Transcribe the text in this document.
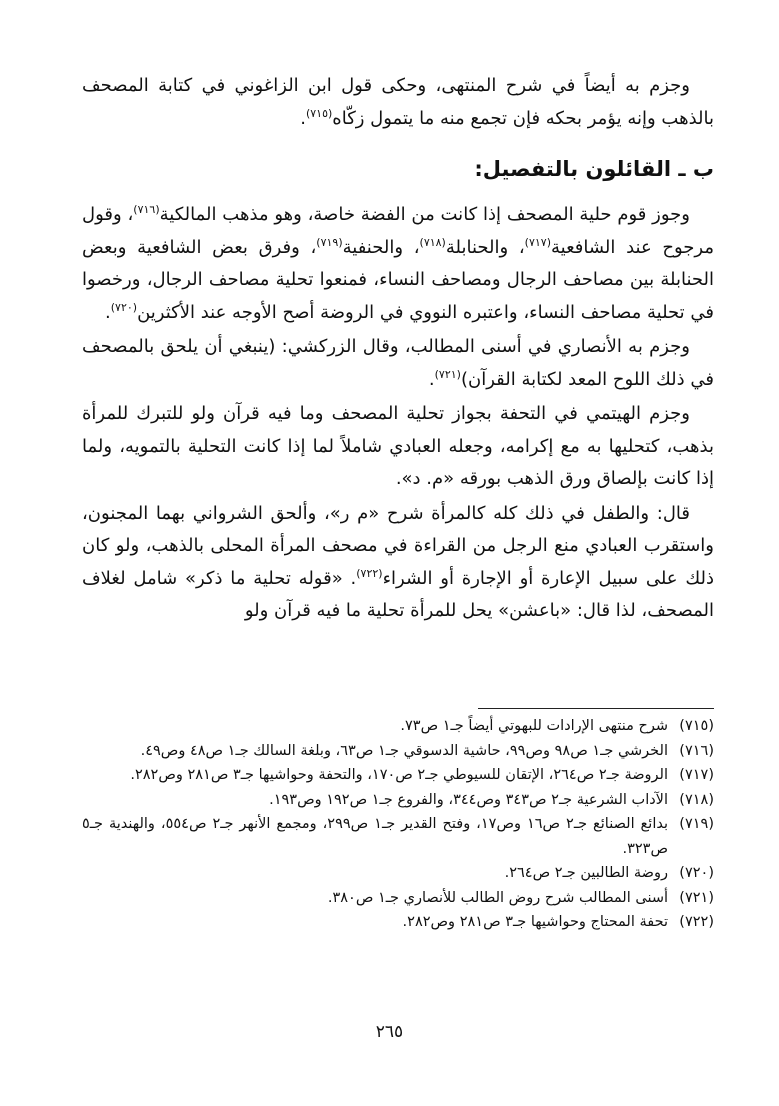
وجزم به أيضاً في شرح المنتهى، وحكى قول ابن الزاغوني في كتابة المصحف بالذهب وإنه يؤمر بحكه فإن تجمع منه ما يتمول زكّاه$^{(٧١٥)}$.

ب ـ القائلون بالتفصيل:

وجوز قوم حلية المصحف إذا كانت من الفضة خاصة، وهو مذهب المالكية$^{(٧١٦)}$، وقول مرجوح عند الشافعية$^{(٧١٧)}$، والحنابلة$^{(٧١٨)}$، والحنفية$^{(٧١٩)}$، وفرق بعض الشافعية وبعض الحنابلة بين مصاحف الرجال ومصاحف النساء، فمنعوا تحلية مصاحف الرجال، ورخصوا في تحلية مصاحف النساء، واعتبره النووي في الروضة أصح الأوجه عند الأكثرين$^{(٧٢٠)}$.

وجزم به الأنصاري في أسنى المطالب، وقال الزركشي: (ينبغي أن يلحق بالمصحف في ذلك اللوح المعد لكتابة القرآن)$^{(٧٢١)}$.

وجزم الهيتمي في التحفة بجواز تحلية المصحف وما فيه قرآن ولو للتبرك للمرأة بذهب، كتحليها به مع إكرامه، وجعله العبادي شاملاً لما إذا كانت التحلية بالتمويه، ولما إذا كانت بإلصاق ورق الذهب بورقه «م. د».

قال: والطفل في ذلك كله كالمرأة شرح «م ر»، وألحق الشرواني بهما المجنون، واستقرب العبادي منع الرجل من القراءة في مصحف المرأة المحلى بالذهب، ولو كان ذلك على سبيل الإعارة أو الإجارة أو الشراء$^{(٧٢٢)}$. «قوله تحلية ما ذكر» شامل لغلاف المصحف، لذا قال: «باعشن» يحل للمرأة تحلية ما فيه قرآن ولو

(٧١٥)
شرح منتهى الإرادات للبهوتي أيضاً جـ١ ص٧٣.

(٧١٦)
الخرشي جـ١ ص٩٨ وص٩٩، حاشية الدسوقي جـ١ ص٦٣، وبلغة السالك جـ١ ص٤٨ وص٤٩.

(٧١٧)
الروضة جـ٢ ص٢٦٤، الإتقان للسيوطي جـ٢ ص١٧٠، والتحفة وحواشيها جـ٣ ص٢٨١ وص٢٨٢.

(٧١٨)
الآداب الشرعية جـ٢ ص٣٤٣ وص٣٤٤، والفروع جـ١ ص١٩٢ وص١٩٣.

(٧١٩)
بدائع الصنائع جـ٢ ص١٦ وص١٧، وفتح القدير جـ١ ص٢٩٩، ومجمع الأنهر جـ٢ ص٥٥٤، والهندية جـ٥ ص٣٢٣.

(٧٢٠)
روضة الطالبين جـ٢ ص٢٦٤.

(٧٢١)
أسنى المطالب شرح روض الطالب للأنصاري جـ١ ص٣٨٠.

(٧٢٢)
تحفة المحتاج وحواشيها جـ٣ ص٢٨١ وص٢٨٢.

٢٦٥
